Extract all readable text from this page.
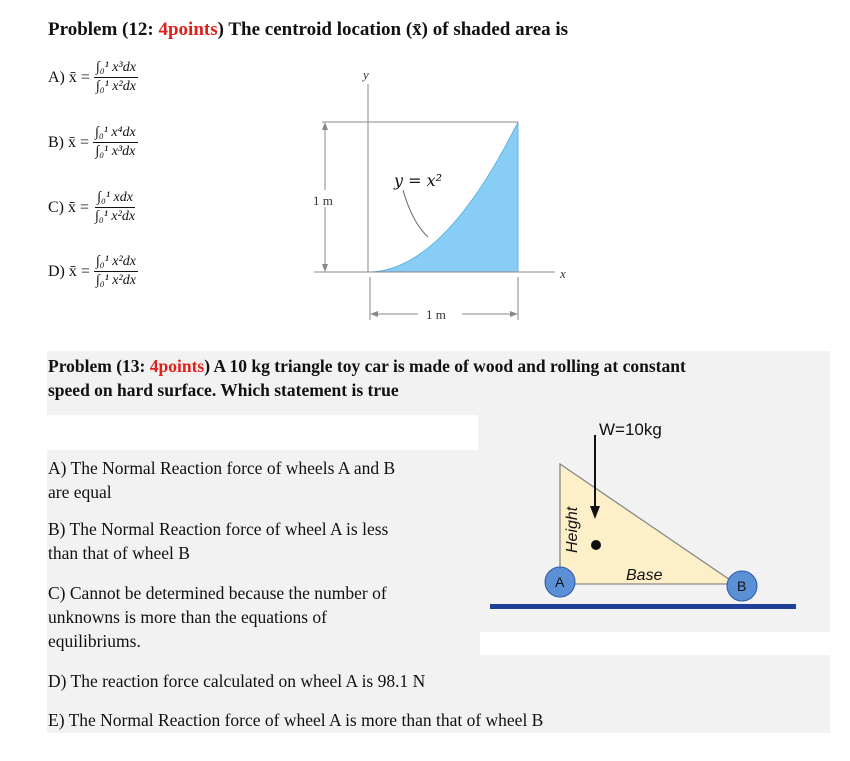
Problem (12: 4points) The centroid location (x̄) of shaded area is
A) x̄ = $\frac{\text{∫₀¹ x³dx}}{\text{∫₀¹ x²dx}}$
B) x̄ = $\frac{\text{∫₀¹ x⁴dx}}{\text{∫₀¹ x³dx}}$
C) x̄ = $\frac{\text{∫₀¹ xdx}}{\text{∫₀¹ x²dx}}$
D) x̄ = $\frac{\text{∫₀¹ x²dx}}{\text{∫₀¹ x²dx}}$
y
x
y = x²
1 m
1 m
Problem (13: 4points) A 10 kg triangle toy car is made of wood and rolling at constant
speed on hard surface. Which statement is true
A	B
W=10kg
Base
Height
A) The Normal Reaction force of wheels A and B
are equal
B) The Normal Reaction force of wheel A is less
than that of wheel B
C) Cannot be determined because the number of
unknowns is more than the equations of
equilibriums.
D) The reaction force calculated on wheel A is 98.1 N
E) The Normal Reaction force of wheel A is more than that of wheel B
